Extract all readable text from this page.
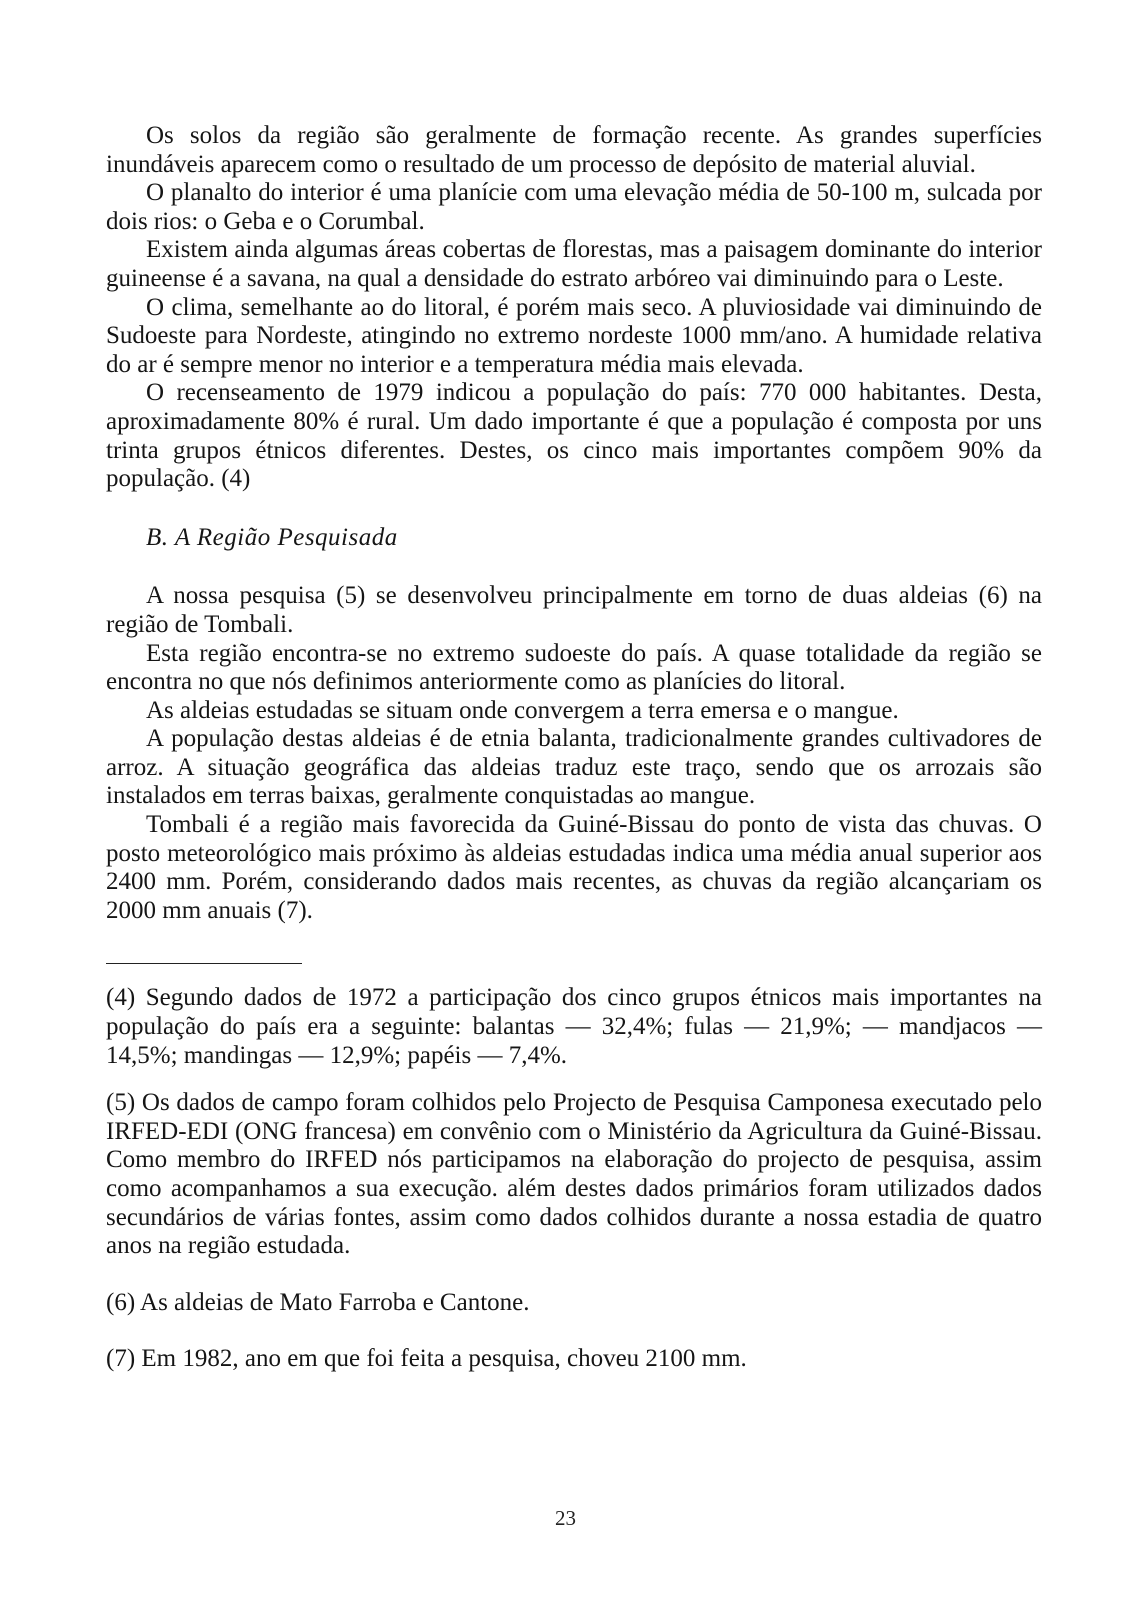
Os solos da região são geralmente de formação recente. As grandes superfícies inundáveis aparecem como o resultado de um processo de depósito de material aluvial.

O planalto do interior é uma planície com uma elevação média de 50-100 m, sulcada por dois rios: o Geba e o Corumbal.

Existem ainda algumas áreas cobertas de florestas, mas a paisagem dominante do interior guineense é a savana, na qual a densidade do estrato arbóreo vai diminuindo para o Leste.

O clima, semelhante ao do litoral, é porém mais seco. A pluviosidade vai diminuindo de Sudoeste para Nordeste, atingindo no extremo nordeste 1000 mm/ano. A humidade relativa do ar é sempre menor no interior e a temperatura média mais elevada.

O recenseamento de 1979 indicou a população do país: 770 000 habitantes. Desta, aproximadamente 80% é rural. Um dado importante é que a população é composta por uns trinta grupos étnicos diferentes. Destes, os cinco mais importantes compõem 90% da população. (4)

B. A Região Pesquisada

A nossa pesquisa (5) se desenvolveu principalmente em torno de duas aldeias (6) na região de Tombali.

Esta região encontra-se no extremo sudoeste do país. A quase totalidade da região se encontra no que nós definimos anteriormente como as planícies do litoral.

As aldeias estudadas se situam onde convergem a terra emersa e o mangue.

A população destas aldeias é de etnia balanta, tradicionalmente grandes cultivadores de arroz. A situação geográfica das aldeias traduz este traço, sendo que os arrozais são instalados em terras baixas, geralmente conquistadas ao mangue.

Tombali é a região mais favorecida da Guiné-Bissau do ponto de vista das chuvas. O posto meteorológico mais próximo às aldeias estudadas indica uma média anual superior aos 2400 mm. Porém, considerando dados mais recentes, as chuvas da região alcançariam os 2000 mm anuais (7).

(4) Segundo dados de 1972 a participação dos cinco grupos étnicos mais importantes na população do país era a seguinte: balantas — 32,4%; fulas — 21,9%; — mandjacos — 14,5%; mandingas — 12,9%; papéis — 7,4%.

(5) Os dados de campo foram colhidos pelo Projecto de Pesquisa Camponesa executado pelo IRFED-EDI (ONG francesa) em convênio com o Ministério da Agricultura da Guiné-Bissau. Como membro do IRFED nós participamos na elaboração do projecto de pesquisa, assim como acompanhamos a sua execução. além destes dados primários foram utilizados dados secundários de várias fontes, assim como dados colhidos durante a nossa estadia de quatro anos na região estudada.

(6) As aldeias de Mato Farroba e Cantone.

(7) Em 1982, ano em que foi feita a pesquisa, choveu 2100 mm.

23
